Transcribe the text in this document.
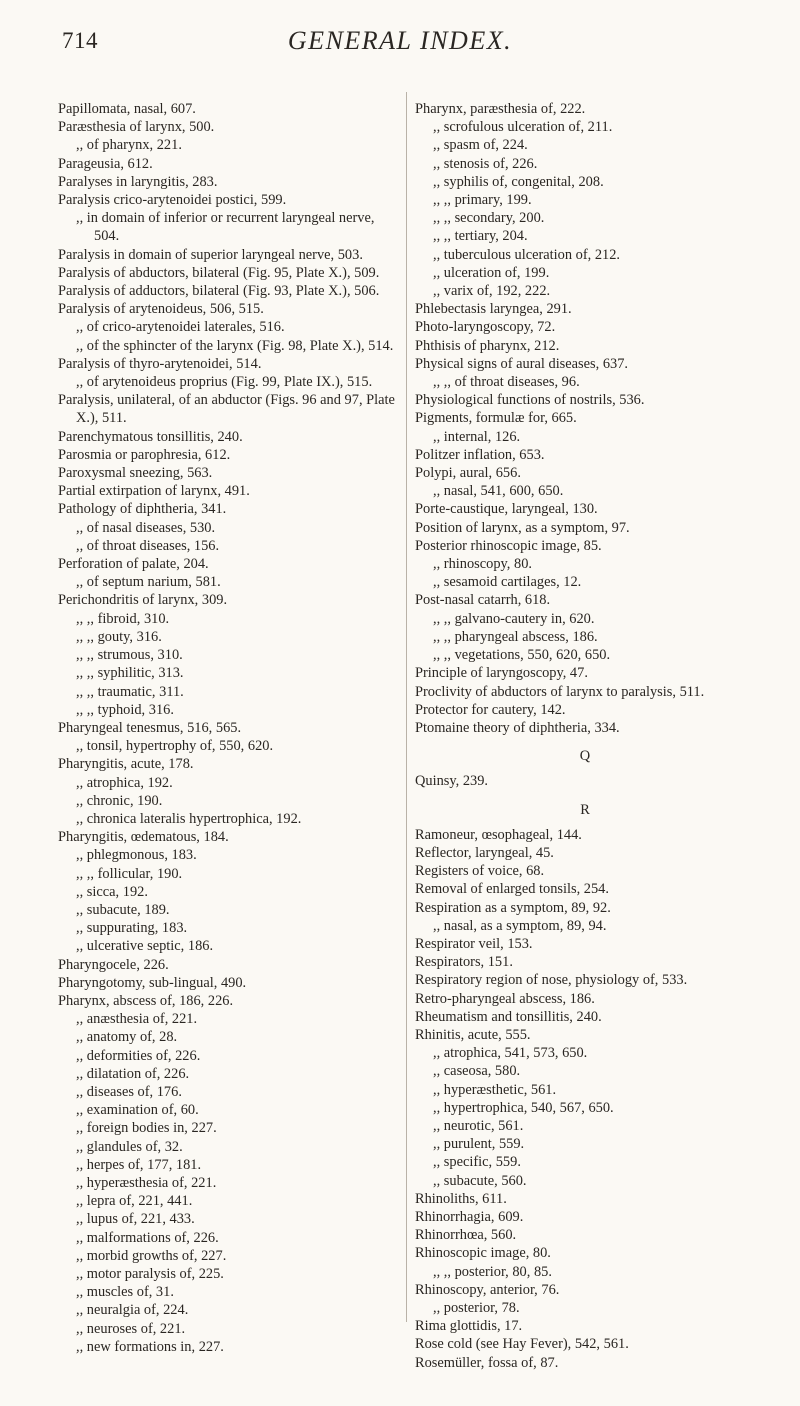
714	GENERAL INDEX.

Papillomata, nasal, 607.

Paræsthesia of larynx, 500.

,, of pharynx, 221.

Parageusia, 612.

Paralyses in laryngitis, 283.

Paralysis crico-arytenoidei postici, 599.

,, in domain of inferior or recurrent laryngeal nerve, 504.

Paralysis in domain of superior laryngeal nerve, 503.

Paralysis of abductors, bilateral (Fig. 95, Plate X.), 509.

Paralysis of adductors, bilateral (Fig. 93, Plate X.), 506.

Paralysis of arytenoideus, 506, 515.

,, of crico-arytenoidei laterales, 516.

,, of the sphincter of the larynx (Fig. 98, Plate X.), 514.

Paralysis of thyro-arytenoidei, 514.

,, of arytenoideus proprius (Fig. 99, Plate IX.), 515.

Paralysis, unilateral, of an abductor (Figs. 96 and 97, Plate X.), 511.

Parenchymatous tonsillitis, 240.

Parosmia or parophresia, 612.

Paroxysmal sneezing, 563.

Partial extirpation of larynx, 491.

Pathology of diphtheria, 341.

,, of nasal diseases, 530.

,, of throat diseases, 156.

Perforation of palate, 204.

,, of septum narium, 581.

Perichondritis of larynx, 309.

,, ,, fibroid, 310.

,, ,, gouty, 316.

,, ,, strumous, 310.

,, ,, syphilitic, 313.

,, ,, traumatic, 311.

,, ,, typhoid, 316.

Pharyngeal tenesmus, 516, 565.

,, tonsil, hypertrophy of, 550, 620.

Pharyngitis, acute, 178.

,, atrophica, 192.

,, chronic, 190.

,, chronica lateralis hypertrophica, 192.

Pharyngitis, œdematous, 184.

,, phlegmonous, 183.

,, ,, follicular, 190.

,, sicca, 192.

,, subacute, 189.

,, suppurating, 183.

,, ulcerative septic, 186.

Pharyngocele, 226.

Pharyngotomy, sub-lingual, 490.

Pharynx, abscess of, 186, 226.

,, anæsthesia of, 221.

,, anatomy of, 28.

,, deformities of, 226.

,, dilatation of, 226.

,, diseases of, 176.

,, examination of, 60.

,, foreign bodies in, 227.

,, glandules of, 32.

,, herpes of, 177, 181.

,, hyperæsthesia of, 221.

,, lepra of, 221, 441.

,, lupus of, 221, 433.

,, malformations of, 226.

,, morbid growths of, 227.

,, motor paralysis of, 225.

,, muscles of, 31.

,, neuralgia of, 224.

,, neuroses of, 221.

,, new formations in, 227.

Pharynx, paræsthesia of, 222.

,, scrofulous ulceration of, 211.

,, spasm of, 224.

,, stenosis of, 226.

,, syphilis of, congenital, 208.

,, ,, primary, 199.

,, ,, secondary, 200.

,, ,, tertiary, 204.

,, tuberculous ulceration of, 212.

,, ulceration of, 199.

,, varix of, 192, 222.

Phlebectasis laryngea, 291.

Photo-laryngoscopy, 72.

Phthisis of pharynx, 212.

Physical signs of aural diseases, 637.

,, ,, of throat diseases, 96.

Physiological functions of nostrils, 536.

Pigments, formulæ for, 665.

,, internal, 126.

Politzer inflation, 653.

Polypi, aural, 656.

,, nasal, 541, 600, 650.

Porte-caustique, laryngeal, 130.

Position of larynx, as a symptom, 97.

Posterior rhinoscopic image, 85.

,, rhinoscopy, 80.

,, sesamoid cartilages, 12.

Post-nasal catarrh, 618.

,, ,, galvano-cautery in, 620.

,, ,, pharyngeal abscess, 186.

,, ,, vegetations, 550, 620, 650.

Principle of laryngoscopy, 47.

Proclivity of abductors of larynx to paralysis, 511.

Protector for cautery, 142.

Ptomaine theory of diphtheria, 334.

Q

Quinsy, 239.

R

Ramoneur, œsophageal, 144.

Reflector, laryngeal, 45.

Registers of voice, 68.

Removal of enlarged tonsils, 254.

Respiration as a symptom, 89, 92.

,, nasal, as a symptom, 89, 94.

Respirator veil, 153.

Respirators, 151.

Respiratory region of nose, physiology of, 533.

Retro-pharyngeal abscess, 186.

Rheumatism and tonsillitis, 240.

Rhinitis, acute, 555.

,, atrophica, 541, 573, 650.

,, caseosa, 580.

,, hyperæsthetic, 561.

,, hypertrophica, 540, 567, 650.

,, neurotic, 561.

,, purulent, 559.

,, specific, 559.

,, subacute, 560.

Rhinoliths, 611.

Rhinorrhagia, 609.

Rhinorrhœa, 560.

Rhinoscopic image, 80.

,, ,, posterior, 80, 85.

Rhinoscopy, anterior, 76.

,, posterior, 78.

Rima glottidis, 17.

Rose cold (see Hay Fever), 542, 561.

Rosemüller, fossa of, 87.
